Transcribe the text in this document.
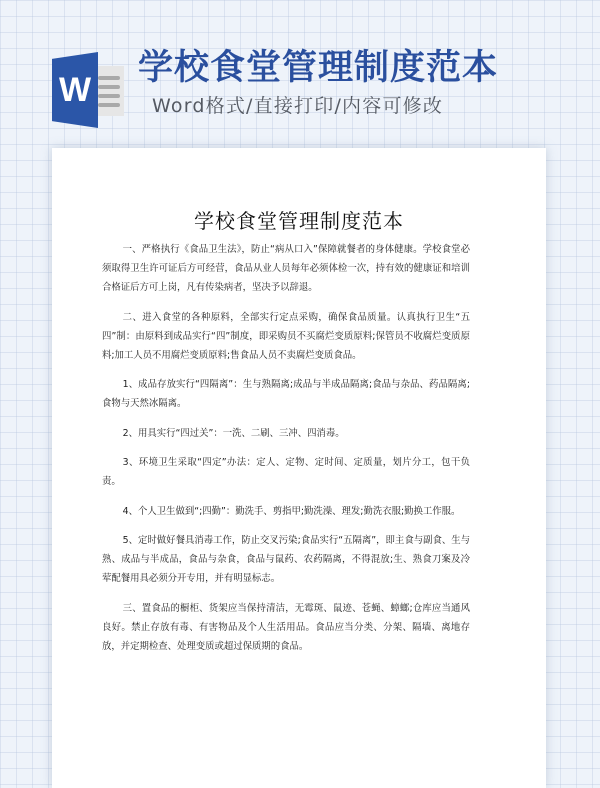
W
学校食堂管理制度范本
Word格式/直接打印/内容可修改
学校食堂管理制度范本

一、严格执行《食品卫生法》，防止“病从口入”保障就餐者的身体健康。学校食堂必须取得卫生许可证后方可经营，食品从业人员每年必须体检一次，持有效的健康证和培训合格证后方可上岗，凡有传染病者，坚决予以辞退。

二、进入食堂的各种原料，全部实行定点采购，确保食品质量。认真执行卫生“五四”制：由原料到成品实行“四”制度，即采购员不买腐烂变质原料;保管员不收腐烂变质原料;加工人员不用腐烂变质原料;售食品人员不卖腐烂变质食品。

1、成品存放实行“四隔离”：生与熟隔离;成品与半成品隔离;食品与杂品、药品隔离;食物与天然冰隔离。

2、用具实行“四过关”：一洗、二刷、三冲、四消毒。

3、环境卫生采取“四定”办法：定人、定物、定时间、定质量，划片分工，包干负责。

4、个人卫生做到“;四勤”：勤洗手、剪指甲;勤洗澡、理发;勤洗衣服;勤换工作服。

5、定时做好餐具消毒工作，防止交叉污染;食品实行“五隔离”，即主食与副食、生与熟、成品与半成品，食品与杂食，食品与鼠药、农药隔离，不得混放;生、熟食刀案及冷荤配餐用具必须分开专用，并有明显标志。

三、置食品的橱柜、货架应当保持清洁，无霉斑、鼠迹、苍蝇、蟑螂;仓库应当通风良好。禁止存放有毒、有害物品及个人生活用品。食品应当分类、分架、隔墙、离地存放，并定期检查、处理变质或超过保质期的食品。
